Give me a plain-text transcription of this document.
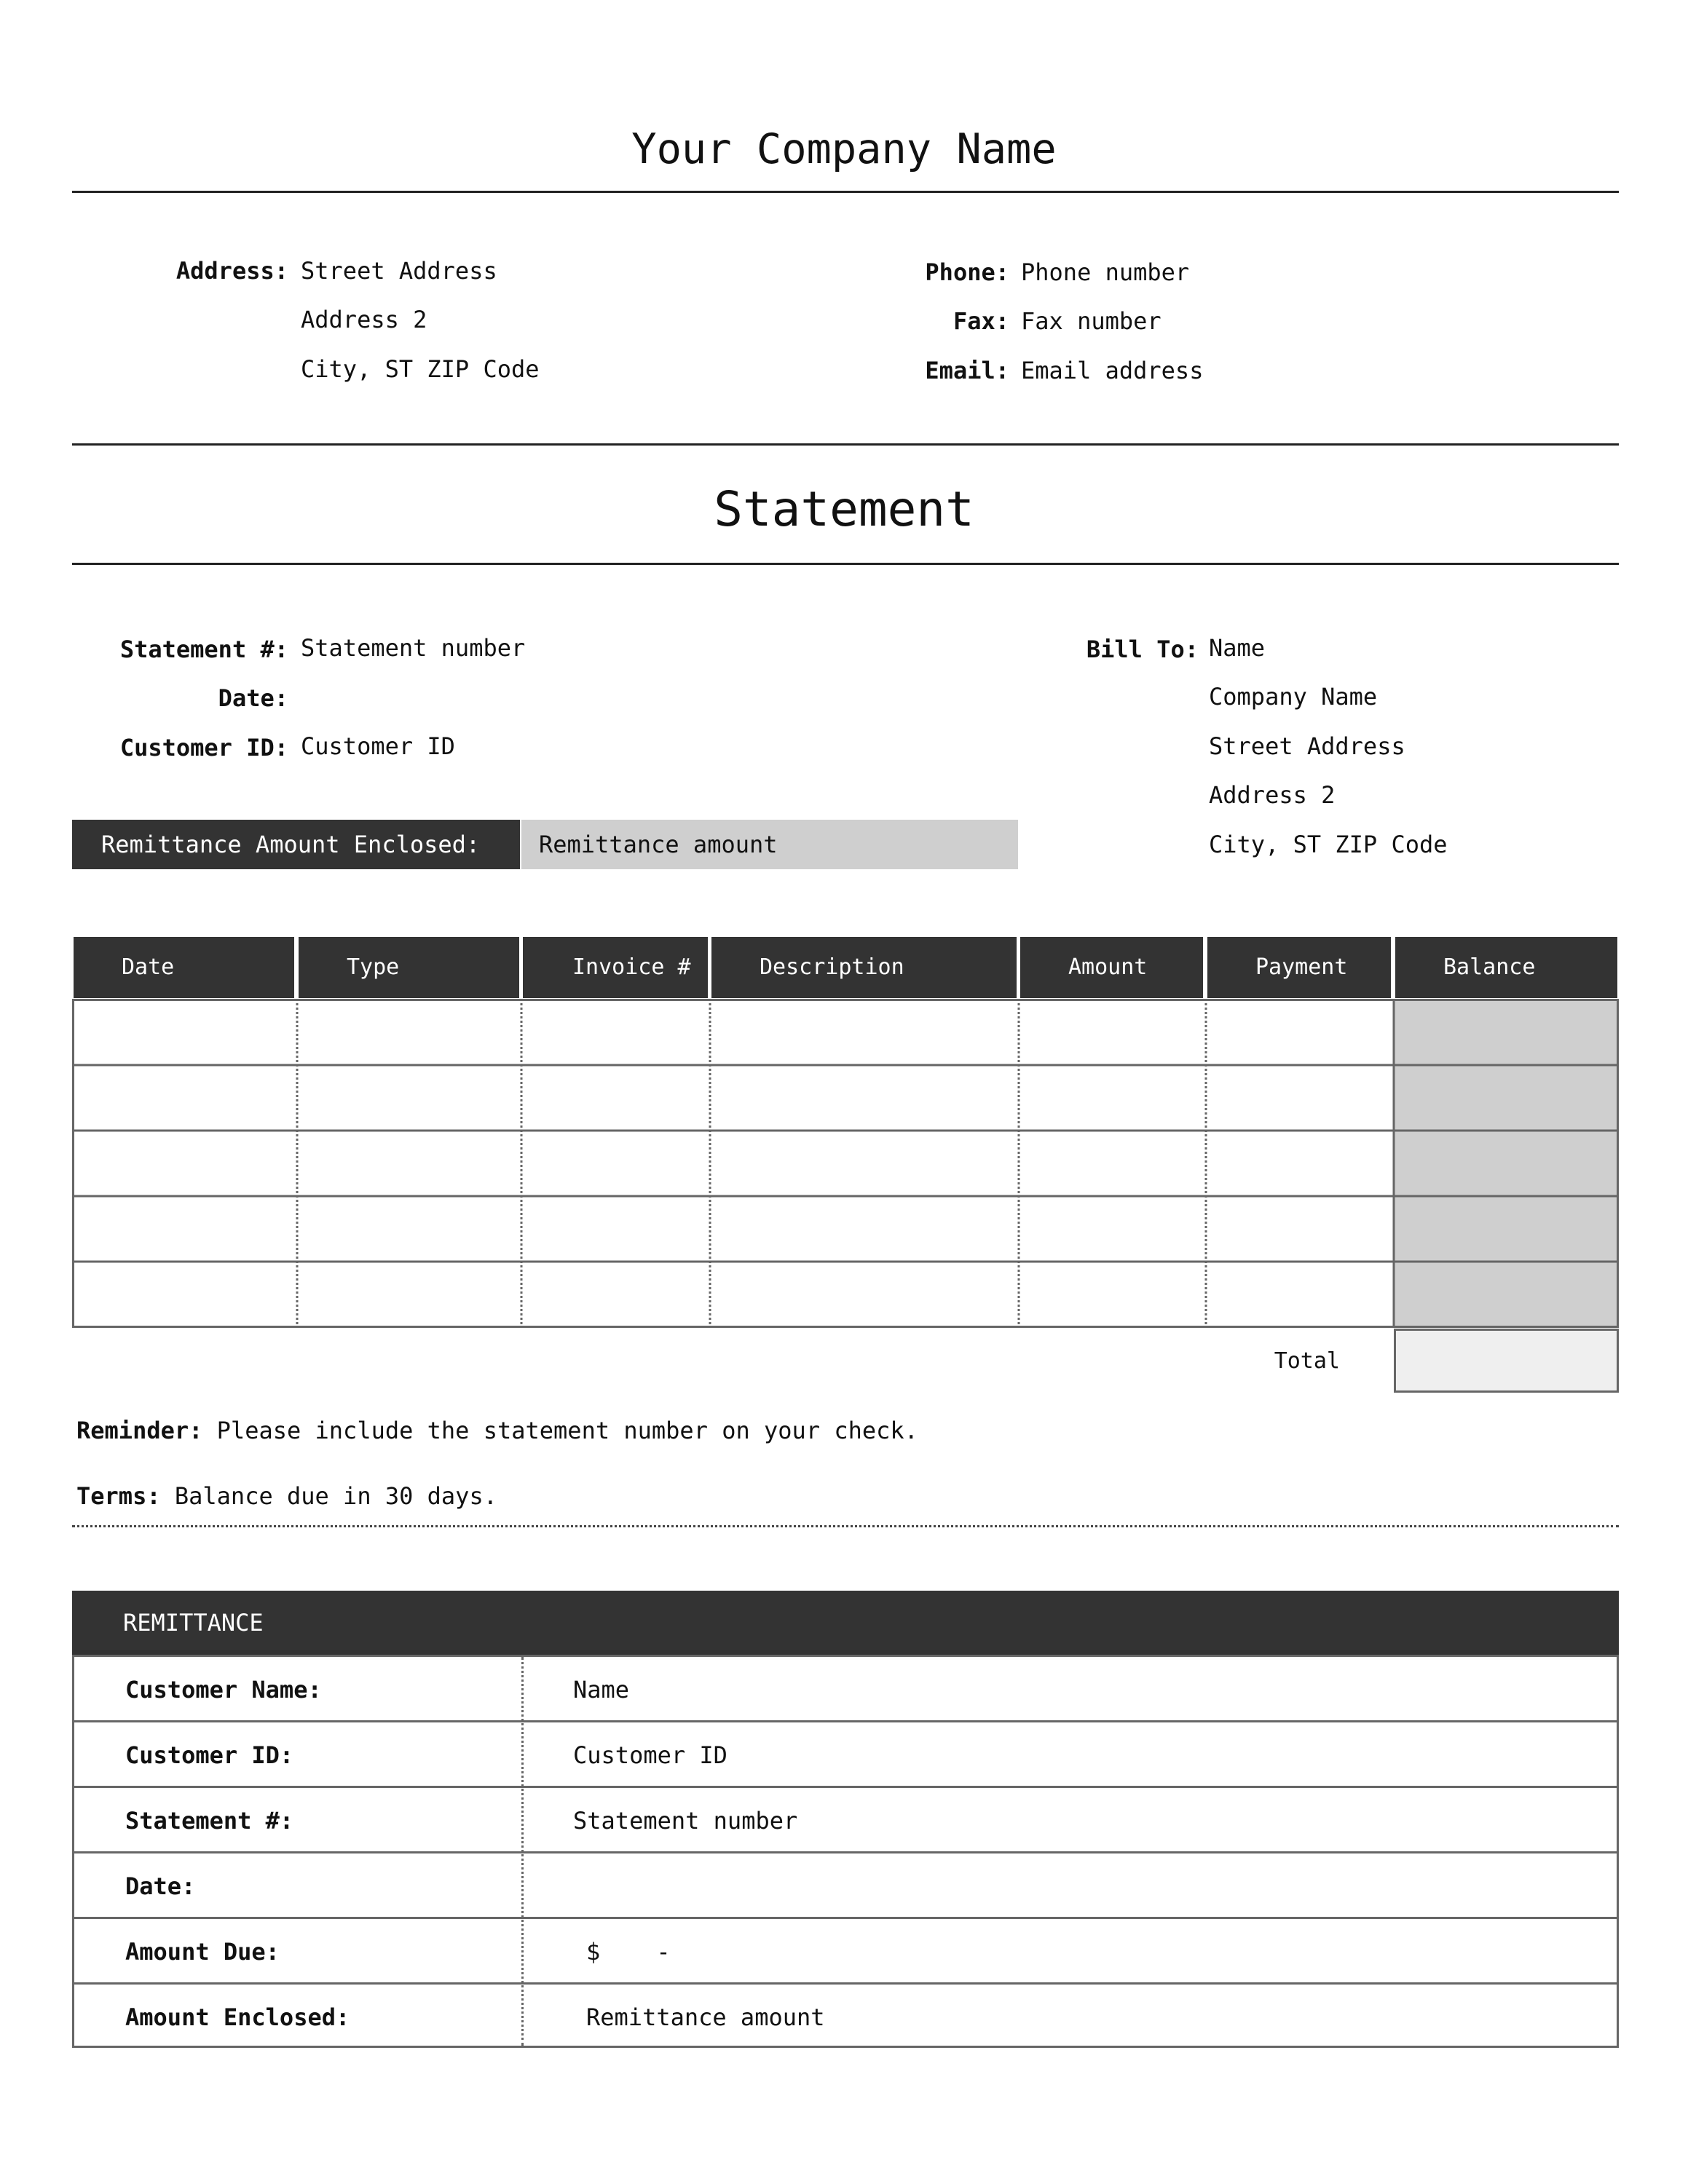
Your Company Name
Address: Street Address
Address 2
City, ST ZIP Code
Phone: Phone number
Fax: Fax number
Email: Email address
Statement
Statement #: Statement number
Date:
Customer ID: Customer ID
Remittance Amount Enclosed:	Remittance amount
Bill To: Name
Company Name
Street Address
Address 2
City, ST ZIP Code
Date	Type	Invoice #	Description	Amount	Payment	Balance
Total
Reminder: Please include the statement number on your check.
Terms: Balance due in 30 days.
REMITTANCE
Customer Name:	Name
Customer ID:	Customer ID
Statement #:	Statement number
Date:
Amount Due:	$    -
Amount Enclosed:	Remittance amount
